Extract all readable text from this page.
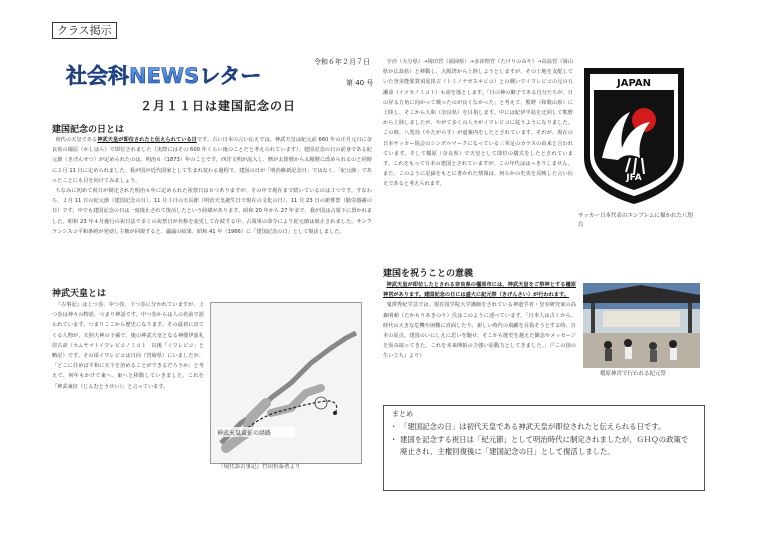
クラス掲示
令和６年２月７日
第 40 号
社会科NEWSレター
２月１１日は建国記念の日
建国記念の日とは
初代の天皇である神武天皇が即位されたと伝えられている日です。古い日本の言い伝えでは、神武天皇は紀元前 660 年の正月元日に奈良県の橿原（かしはら）で即位されました（実際にはその 600 年くらい後のことだと考えられています）。建国記念の日の前身である紀元節（きげんせつ）が定められたのは、明治６（1873）年のことです。西洋文明が流入し、暦が太陰暦から太陽暦に改められるのと同時に２月 11 日に定められました。我が国が近代国家として生まれ変わる過程で、建国の日が「明治維新記念日」ではなく、「紀元節」であったことにも目を向けてみましょう。
ちなみに初めて祝日が制定された明治６年に定められた祝祭日は８つありますが、その中で現在まで続いているのは３つです。すなわち、２月 11 日の紀元節（建国記念の日）、11 月３日の天長節（明治天皇誕生日で現在の文化の日）、11 月 23 日の新嘗祭（勤労感謝の日）です。中でも建国記念の日は一度廃止されて復活したという経緯があります。昭和 20 年から 27 年まで、我が国は占領下に置かれました。昭和 23 年４月施行の祝日法で多くの祝祭日が名称を変更して存続する中、占領軍の命令により紀元節は廃止されました。サンフランシスコ平和条約が発効し主権が回復すると、議論の結果、昭和 41 年（1966）に「建国記念の日」として復活しました。
神武天皇とは
『古事記』は上つ巻、中つ巻、下つ巻に分かれていますが、上つ巻は神々の物語、つまり神話です。中つ巻からは人の名前で語られています。つまりここから歴史になります。その最初に出てくる人物が、天照大神の子孫で、後の神武天皇となる神倭伊波礼毘古命（カムヤマトイワレビコノミコト　以後「イワレビコ」と略記）です。その頃イワレビコは日向（宮崎県）にいましたが、「どこに住めば平和に天下を治めることができるだろうか」と考えて、何年もかけて東へ、東へと移動していきました。これを「神武東征（じんむとうせい）」と言っています。
神武天皇東征の経路
『現代語古事記』竹田恒泰著より
宇沙（大分県）→岡田宮（福岡県）→多祁理宮（たけりのみや）→高島宮（岡山県か広島県）と移動し、大阪湾から上陸しようとしますが、その土地を支配していた登美能那賀須泥毘古（トミノナガスネビコ）との戦いでイワレビコの兄の五瀬命（イツセノミコト）も命を落とします。「日の神の御子である自分たちが、日の昇る方角に向かって戦ったのが良くなかった」と考えて、熊野（和歌山県）に上陸し、そこから大和（奈良県）を目指します。中には紀伊半島を迂回して熊野から上陸しましたが、やがて多くの人々がイワレビコに従うようになりました。この時、八咫烏（やたがらす）が道案内をしたとされています。それが、現在の日本サッカー協会のシンボルマークになっている三本足のカラスの由来と言われています。そして橿原（奈良県）で天皇として即位の儀式をしたとされています。これをもって日本の建国とされていますが、この年代ははっきりしません。また、このように記録をもとに書かれた情報は、何らかの史実を反映した言い伝えであると考えられます。
JAPAN
JFA
サッカー日本代表のエンブレムに描かれた八咫烏
建国を祝うことの意義
神武天皇が即位したとされる奈良県の橿原市には、神武天皇をご祭神とする橿原神宮があります。建国記念の日には盛大に紀元祭（きげんさい）が行われます。
鬼澤秀紀学芸では、現在国学院大学講師をされている神道学者・皇室研究家の高森明勅（たかもりあきのり）氏はこのように述べています。「日本人は古くから、時代の大きな危機や困難に直面したり、新しい時代の飛躍を目指そうとする時、日本の原点、建国のいにしえに思いを馳せ、そこから歴史を越えた観念やメッセージを汲み取ってきた。これを未来開拓の力強い原動力としてきました。」（『この国の生い立ち』より）
橿原神宮で行われる紀元祭
まとめ
・ 「建国記念の日」は初代天皇である神武天皇が即位されたと伝えられる日です。
・ 建国を記念する祝日は「紀元節」として明治時代に制定されましたが、ＧＨＱの政策で廃止され、主権回復後に「建国記念の日」として復活しました。
